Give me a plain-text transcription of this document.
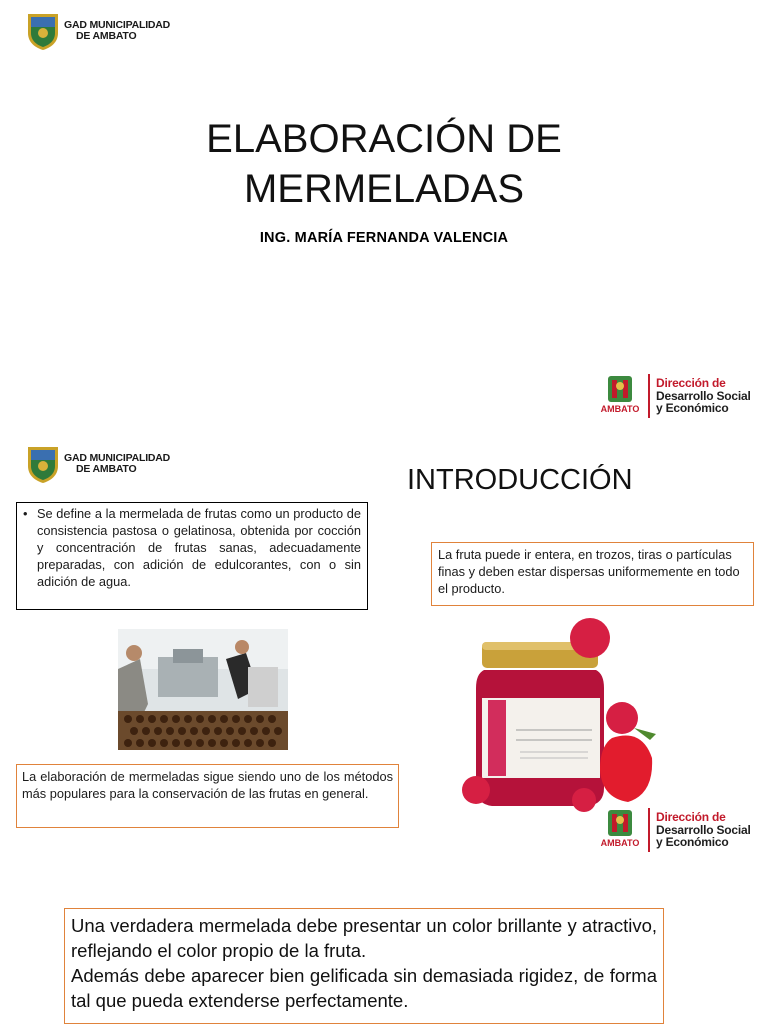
GAD MUNICIPALIDAD
DE AMBATO
ELABORACIÓN DE
MERMELADAS
ING. MARÍA FERNANDA VALENCIA
AMBATO
Dirección de
Desarrollo Social
y Económico
GAD MUNICIPALIDAD
DE AMBATO	INTRODUCCIÓN
• Se define a la mermelada de frutas como un producto de consistencia pastosa o gelatinosa, obtenida por cocción y concentración de frutas sanas, adecuadamente preparadas, con adición de edulcorantes, con o sin adición de agua.
La fruta puede ir entera, en trozos, tiras o partículas finas y deben estar dispersas uniformemente en todo el producto.
La elaboración de mermeladas sigue siendo uno de los métodos más populares para la conservación de las frutas en general.
AMBATO
Dirección de
Desarrollo Social
y Económico
Una verdadera mermelada debe presentar un color brillante y atractivo, reflejando el color propio de la fruta.
Además debe aparecer bien gelificada sin demasiada rigidez, de forma tal que pueda extenderse perfectamente.
